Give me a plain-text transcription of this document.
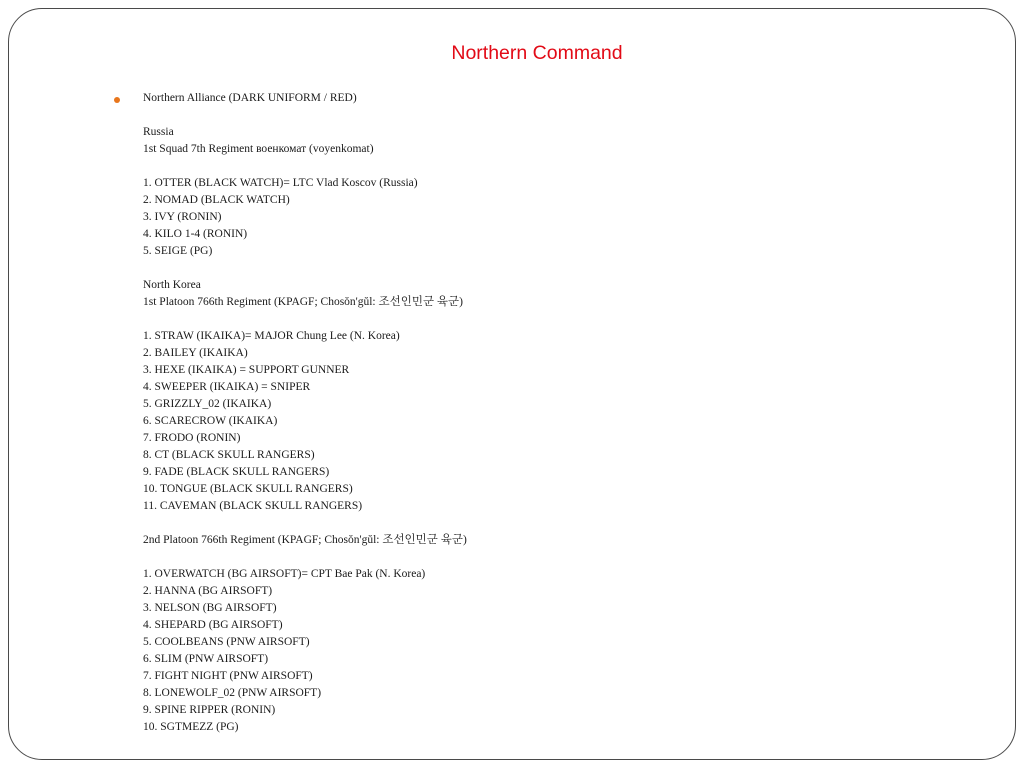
Northern Command
Northern Alliance (DARK UNIFORM / RED)
Russia
1st Squad 7th Regiment военкомат (voyenkomat)
1. OTTER (BLACK WATCH)= LTC Vlad Koscov (Russia)
2. NOMAD (BLACK WATCH)
3. IVY (RONIN)
4. KILO 1-4 (RONIN)
5. SEIGE (PG)
North Korea
1st Platoon 766th Regiment (KPAGF; Chosŏn'gŭl: 조선인민군 육군)
1. STRAW (IKAIKA)= MAJOR Chung Lee (N. Korea)
2. BAILEY (IKAIKA)
3. HEXE (IKAIKA) = SUPPORT GUNNER
4. SWEEPER (IKAIKA) = SNIPER
5. GRIZZLY_02 (IKAIKA)
6. SCARECROW (IKAIKA)
7. FRODO (RONIN)
8. CT (BLACK SKULL RANGERS)
9. FADE (BLACK SKULL RANGERS)
10. TONGUE (BLACK SKULL RANGERS)
11. CAVEMAN (BLACK SKULL RANGERS)
2nd Platoon 766th Regiment (KPAGF; Chosŏn'gŭl: 조선인민군 육군)
1. OVERWATCH (BG AIRSOFT)= CPT Bae Pak (N. Korea)
2. HANNA (BG AIRSOFT)
3. NELSON (BG AIRSOFT)
4. SHEPARD (BG AIRSOFT)
5. COOLBEANS (PNW AIRSOFT)
6. SLIM (PNW AIRSOFT)
7. FIGHT NIGHT (PNW AIRSOFT)
8. LONEWOLF_02 (PNW AIRSOFT)
9. SPINE RIPPER (RONIN)
10. SGTMEZZ (PG)
